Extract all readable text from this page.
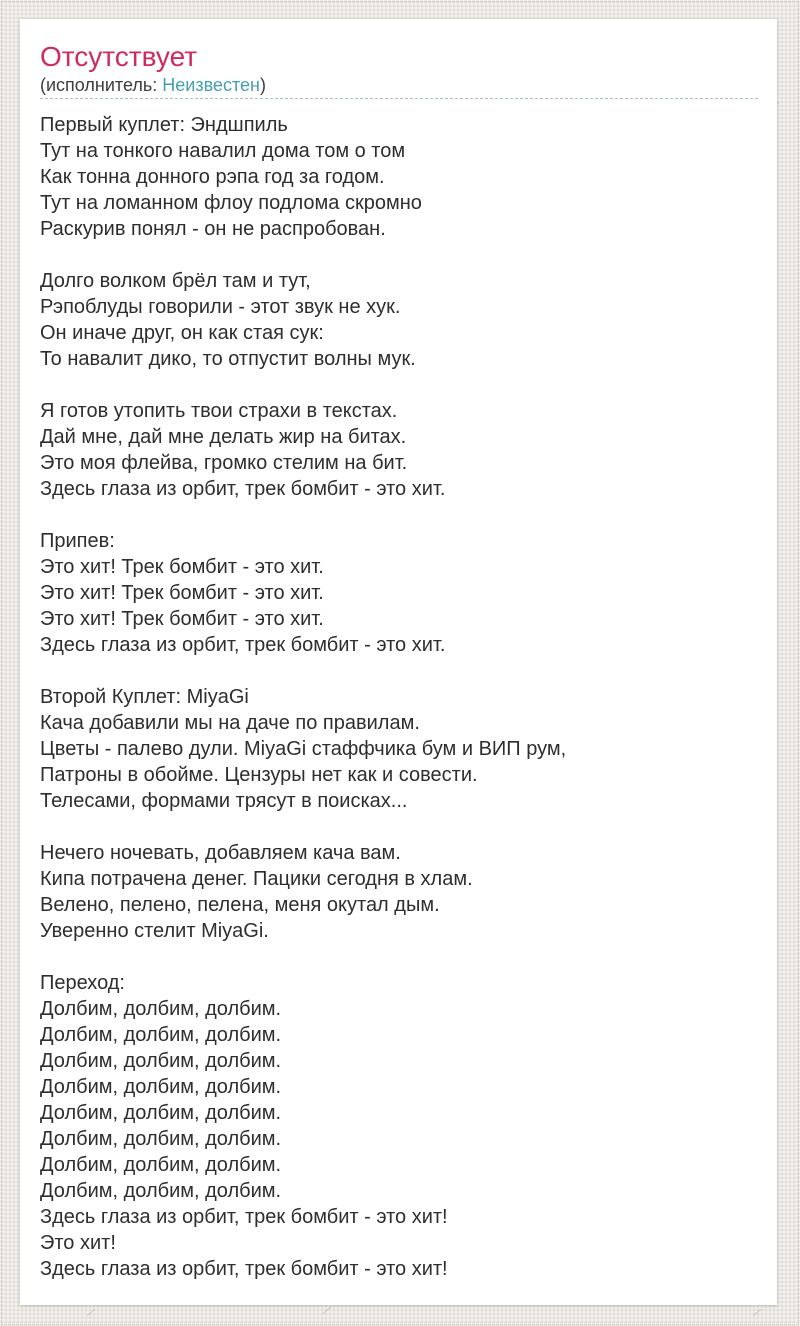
Отсутствует
(исполнитель: Неизвестен)
Первый куплет: Эндшпиль
Тут на тонкого навалил дома том о том
Как тонна донного рэпа год за годом.
Тут на ломанном флоу подлома скромно
Раскурив понял - он не распробован.
Долго волком брёл там и тут,
Рэпоблуды говорили - этот звук не хук.
Он иначе друг, он как стая сук:
То навалит дико, то отпустит волны мук.
Я готов утопить твои страхи в текстах.
Дай мне, дай мне делать жир на битах.
Это моя флейва, громко стелим на бит.
Здесь глаза из орбит, трек бомбит - это хит.
Припев:
Это хит! Трек бомбит - это хит.
Это хит! Трек бомбит - это хит.
Это хит! Трек бомбит - это хит.
Здесь глаза из орбит, трек бомбит - это хит.
Второй Куплет: MiyaGi
Кача добавили мы на даче по правилам.
Цветы - палево дули. MiyaGi стаффчика бум и ВИП рум,
Патроны в обойме. Цензуры нет как и совести.
Телесами, формами трясут в поисках...
Нечего ночевать, добавляем кача вам.
Кипа потрачена денег. Пацики сегодня в хлам.
Велено, пелено, пелена, меня окутал дым.
Уверенно стелит MiyaGi.
Переход:
Долбим, долбим, долбим.
Долбим, долбим, долбим.
Долбим, долбим, долбим.
Долбим, долбим, долбим.
Долбим, долбим, долбим.
Долбим, долбим, долбим.
Долбим, долбим, долбим.
Долбим, долбим, долбим.
Здесь глаза из орбит, трек бомбит - это хит!
Это хит!
Здесь глаза из орбит, трек бомбит - это хит!
